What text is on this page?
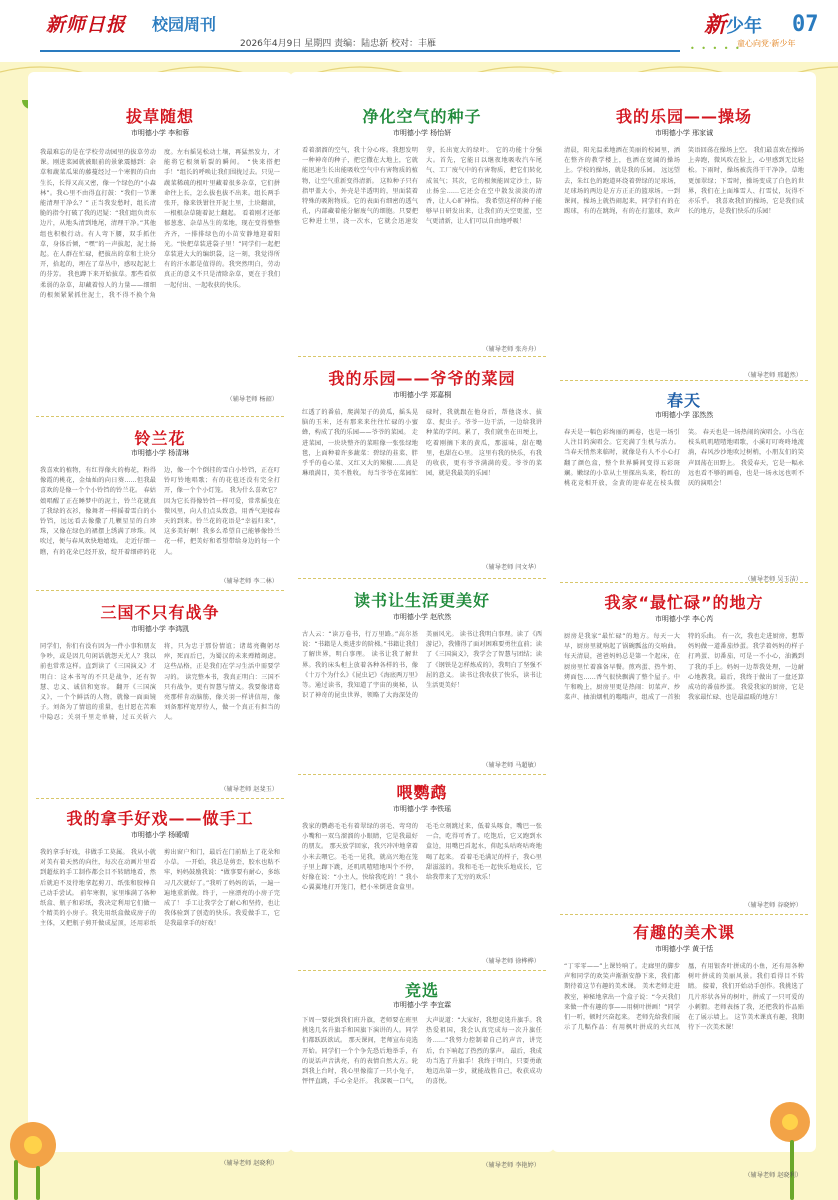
新师日报 校园周刊
2026年4月9日 星期四 责编：陆忠新 校对：丰雁	• • • • •
新少年
童心向党·新少年
07
拔草随想
市明德小学 李和蓉
我最难忘的是在学校劳动园里的拔草劳动课。刚进菜园就被眼前的景象震撼到：杂草和蔬菜瓜果的藤蔓经过一个寒假的自由生长，长得又高又密，像一个绿色的“小森林”。我心里不由得直打鼓：“我们一节课能清理干净么？” 正当我发愁时，组长清脆的指令打破了我的迟疑：“我们组负责东边片，从地头清到地尾，清理干净。”其他组也积极行动。有人弯下腰，双手抓住草，身体后倾，“嘿”的一声拔起，泥土扬起。在人群在忙碌，把拔出的草和土块分开，拾起的，埋在了草丛中，感叹起泥土的芬芳。 我也蹲下来开始拔草。那些看似柔弱的杂草，却藏着惊人的力量——细细的根须紧紧抓住泥土，我不得不换个角度。左右摇晃松动土壤，再猛然发力，才能将它根须斩裂的瞬间。 “快来搭把手！”组长的呼唤让我们围拢过去。只见一蔬菜稀疏的根叶里藏着很多杂草，它们拼命往上长，怎么拔也拔不出来。组长两手张开，像来铁钳往开泥土里，土块翻滚，一根根杂草随着泥土翻起。 看着刚才还郁郁葱葱、杂草丛生的菜地，现在变得整整齐齐，一排排绿色的小苗安静地迎着阳光。“快把草装进袋子里！”同学们一起把草装进大大的编织袋，这一刻，我觉得所有的汗水都是值得的。我突然明白，劳动真正的意义不只是清除杂草，更在于我们一起付出、一起收获的快乐。
（辅导老师 杨韶）
铃兰花
市明德小学 杨清琳
我喜欢的植物，有红得像火的梅花，粉得像霞的桃花，金灿灿的向日葵……但我最喜欢的是像一个个小铃铛的铃兰花。 春姑娘唱醒了正在睡梦中的泥土，铃兰花就真了我绿的衣衫，像舞者一样摇着雪白的小铃铛，远远看去像撒了几颗星星的白珍珠，又像在绿色的裙摆上绣满了珍珠。风吹过，便与春风欢快地嬉戏。 走近仔细一瞧，有的花朵已经开放，绽开着细碎的花边，像一个个倒挂的雪白小铃铛，正在叮铃叮铃地唱歌；有的花苞还没有完全打开，像一个个小灯笼。 我为什么喜欢它？因为它长得像铃铛一样可爱，常常摇曳在微风里，向人们点头致意，用香气迎接春天的到来。铃兰花的花语是“幸福归来”，这多美好啊！我多么希望自己能够像铃兰花一样，把美好和希望带给身边的每一个人。
（辅导老师 李二林）
三国不只有战争
市明德小学 李鸿凯
同学们，你们有没有因为一件小事和朋友争吵，或是因几句闲话就怨天尤人？我以前也常常这样。直到读了《三国演义》才明白：这本书写的不只是战争，还有智慧、忠义、诚信和宽容。 翻开《三国演义》，一个个鲜活的人物，就像一面面镜子。刘备为了情谊的重量，也甘愿在苦难中隐忍；关羽千里走单骑，过五关斩六将，只为忠于那份情谊；诸葛亮鞠躬尽瘁，死而后已，为蜀汉的未来殚精竭虑。这些品格，正是我们在学习生活中需要学习的。 读完整本书，我真正明白：三国不只有战争，更有智慧与情义。我要像诸葛亮那样肯动脑筋，像关羽一样讲信用，像刘备那样宽厚待人，做一个真正有担当的人。
（辅导老师 赵斐玉）
我的拿手好戏——做手工
市明德小学 杨暖晴
我的拿手好戏，非做手工莫属。 我从小就对美有着天然的向往，每次在动画片里看到超炫的手工制作都会目不转睛地看，然后就迫不及待地拿起剪刀、纸张和胶棒自己动手尝试。 前年寒假，家里堆满了各种纸盒、瓶子和彩纸，我决定利用它们做一个精美的小房子。我先用纸盒做成房子的主体，又把瓶子剪开做成屋顶，还用彩纸剪出窗户和门，最后在门前贴上了花朵和小草。 一开始，我总是剪歪，胶水也粘不牢，妈妈鼓励我说：“做事要有耐心，多练习几次就好了。”我听了妈妈的话，一遍一遍地重新做。终于，一座漂亮的小房子完成了！ 手工让我学会了耐心和坚持，也让我体验到了创造的快乐。我爱做手工，它是我最拿手的好戏！
（辅导老师 赵晓利）
净化空气的种子
市明德小学 杨怡妍
看着溜溜的空气，我十分心疼。我想发明一种神奇的种子，把它撒在大地上，它就能迅速生长出能吸收空气中有害物质的植物，让空气重新变得清新。 这粒种子只有指甲盖大小，外壳是半透明的，里面装着特殊的吸附物质。它的表面有细密的透气孔，内部藏着能分解废气的细胞。只要把它种进土里，浇一次水，它就会迅速发芽，长出宽大的绿叶。 它的功能十分强大。首先，它能日以继夜地吸收汽车尾气、工厂废气中的有害物质，把它们转化成氧气；其次，它的根须能固定沙土，防止扬尘……它还会在空中散发淡淡的清香，让人心旷神怡。 我希望这样的种子能够早日研发出来，让我们的天空更蓝，空气更清新，让人们可以自由地呼吸！
（辅导老师 张舟舟）
我的乐园——爷爷的菜园
市明德小学 郑嘉桐
红透了的番茄，爬满架子的黄瓜，摇头晃脑的玉米，还有那来来往往忙碌的小蜜蜂，构成了我的乐园——爷爷的菜园。 走进菜园，一块块整齐的菜畦像一张张绿地毯，上面种着许多蔬菜：碧绿的韭菜、胖乎乎的卷心菜、又红又大的辣椒……真是琳琅满目，美不胜收。 每当爷爷在菜园忙碌时，我就跟在他身后，帮他浇水、拔草、捉虫子。爷爷一边干活，一边给我讲种菜的学问。累了，我们就坐在田埂上，吃着刚摘下来的黄瓜，那滋味，甜在嘴里，也甜在心里。 这里有我的快乐，有我的收获，更有爷爷满满的爱。爷爷的菜园，就是我最美的乐园！
（辅导老师 闫文华）
读书让生活更美好
市明德小学 赵欣然
古人云：“读万卷书，行万里路。”高尔基说：“书籍是人类进步的阶梯。”书籍让我们了解世界，明白事理。 读书让我了解世界。我的床头柜上放着各种各样的书，像《十万个为什么》《昆虫记》《海底两万里》等。通过读书，我知道了宇宙的奥秘，认识了神奇的昆虫世界，领略了大海深处的美丽风光。 读书让我明白事理。读了《西游记》，我懂得了面对困难要勇往直前；读了《三国演义》，我学会了智慧与团结；读了《钢铁是怎样炼成的》，我明白了坚强不屈的意义。 读书让我收获了快乐，读书让生活更美好！
（辅导老师 马超敏）
喂鹦鹉
市明德小学 李铁瑶
我家的鹦鹉毛毛有着翠绿的羽毛、弯弯的小嘴和一双乌溜溜的小眼睛，它是我最好的朋友。 那天放学回家，我兴冲冲地拿着小米去喂它。毛毛一见我，就高兴地在笼子里上蹿下跳，还叽叽喳喳地叫个不停，好像在说：“小主人，快给我吃的！” 我小心翼翼地打开笼门，把小米倒进食盒里。毛毛立刻跳过来，低着头啄食，嘴巴一张一合，吃得可香了。吃饱后，它又跑到水盒边，用嘴巴舀起水，仰起头咕咚咕咚地喝了起来。 看着毛毛满足的样子，我心里甜滋滋的。我和毛毛一起快乐地成长，它给我带来了无穷的欢乐！
（辅导老师 徐桦桦）
竞选
市明德小学 李宜霖
下周一要轮到我们班升旗，老师要在班里挑选几名升旗手和国旗下演讲的人。同学们都跃跃欲试。 那天课间，老师宣布竞选开始。同学们一个个争先恐后地举手，有的说话声音洪亮，有的表情自然大方。轮到我上台时，我心里像揣了一只小兔子，怦怦直跳，手心全是汗。 我深吸一口气，大声说道：“大家好，我想竞选升旗手。我热爱祖国，我会认真完成每一次升旗任务……”我努力控制着自己的声音，讲完后，台下响起了热烈的掌声。 最后，我成功当选了升旗手！我终于明白，只要勇敢地迈出第一步，就能战胜自己，收获成功的喜悦。
（辅导老师 李艳婷）
我的乐园——操场
市明德小学 邢家诚
清晨，阳光温柔地洒在美丽的校园里，洒在整齐的教学楼上，也洒在宽阔的操场上。学校的操场，就是我的乐园。 远远望去，朱红色的跑道环绕着碧绿的足球场，足球场的两边是方方正正的篮球场。一到课间，操场上就热闹起来，同学们有的在踢球，有的在跳绳，有的在打篮球，欢声笑语回荡在操场上空。 我们最喜欢在操场上奔跑，微风吹在脸上，心里感到无比轻松。下雨时，操场被洗得干干净净，草地更加翠绿；下雪时，操场变成了白色的世界，我们在上面堆雪人、打雪仗，玩得不亦乐乎。 我喜欢我们的操场，它是我们成长的地方，是我们快乐的乐园！
（辅导老师 邢超然）
春天
市明德小学 邵然然
春天是一幅色彩绚丽的画卷，也是一场引人注目的演唱会。它充满了生机与活力。 当春天悄然来临时，就像是有人不小心打翻了颜色盒，整个世界瞬间变得五彩斑斓。嫩绿的小草从土里探出头来，粉红的桃花竞相开放，金黄的迎春花在枝头微笑。 春天也是一场热闹的演唱会。小鸟在枝头叽叽喳喳地唱歌，小溪叮叮咚咚地流淌，春风沙沙地吹过树梢，小朋友们的笑声回荡在田野上。 我爱春天，它是一幅永远也看不够的画卷，也是一场永远也听不厌的演唱会！
（辅导老师 吴玉洁）
我家“最忙碌”的地方
市明德小学 李心芮
厨房是我家“最忙碌”的地方。每天一大早，厨房里就响起了锅碗瓢盆的交响曲。 每天清晨，爸爸妈妈总是第一个起床，在厨房里忙着准备早餐。煎鸡蛋、热牛奶、烤面包……香气很快飘满了整个屋子。中午和晚上，厨房里更是热闹：切菜声、炒菜声、抽油烟机的嗡嗡声，组成了一首独特的乐曲。 有一次，我也走进厨房，想帮妈妈做一道番茄炒蛋。我学着妈妈的样子打鸡蛋、切番茄，可是一不小心，油溅到了我的手上。妈妈一边帮我处理，一边耐心地教我。最后，我终于做出了一盘还算成功的番茄炒蛋。 我爱我家的厨房，它是我家最忙碌、也是最温暖的地方！
（辅导老师 谷晓婷）
有趣的美术课
市明德小学 黄于恬
“丁零零——”上课铃响了。走廊里的脚步声和同学的欢笑声渐渐安静下来，我们都期待着这节有趣的美术课。 美术老师走进教室，神秘地拿出一个盒子说：“今天我们来做一件有趣的事——用树叶拼画！”同学们一听，顿时兴奋起来。 老师先给我们展示了几幅作品：有用枫叶拼成的火红凤凰，有用银杏叶拼成的小鱼，还有用各种树叶拼成的美丽风景。我们看得目不转睛。 接着，我们开始动手创作。我挑选了几片形状各异的树叶，拼成了一只可爱的小刺猬。老师表扬了我，还把我的作品贴在了展示墙上。 这节美术课真有趣，我期待下一次美术课！
（辅导老师 赵晓利）
